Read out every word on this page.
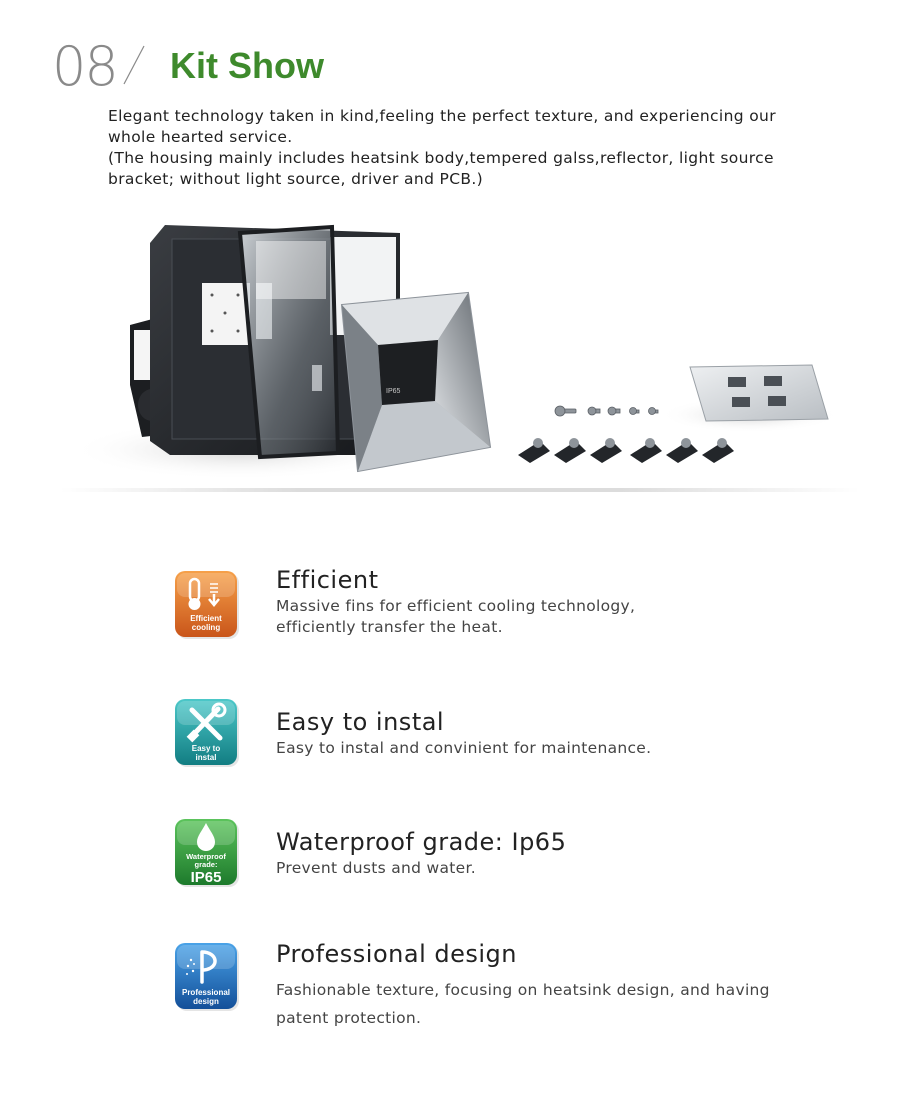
08 Kit Show

Elegant technology taken in kind,feeling the perfect texture, and experiencing our

whole hearted service.

(The housing mainly includes heatsink body,tempered galss,reflector, light source

bracket; without light source, driver and PCB.)

IP65
Efficient
cooling
Efficient

Massive fins for efficient cooling technology,

efficiently transfer the heat.

Easy to
instal
Easy to instal

Easy to instal and convinient for maintenance.

Waterproof
grade:
IP65
Waterproof grade: Ip65

Prevent dusts and water.

Professional
design
Professional design

Fashionable texture, focusing on heatsink design, and having

patent protection.
